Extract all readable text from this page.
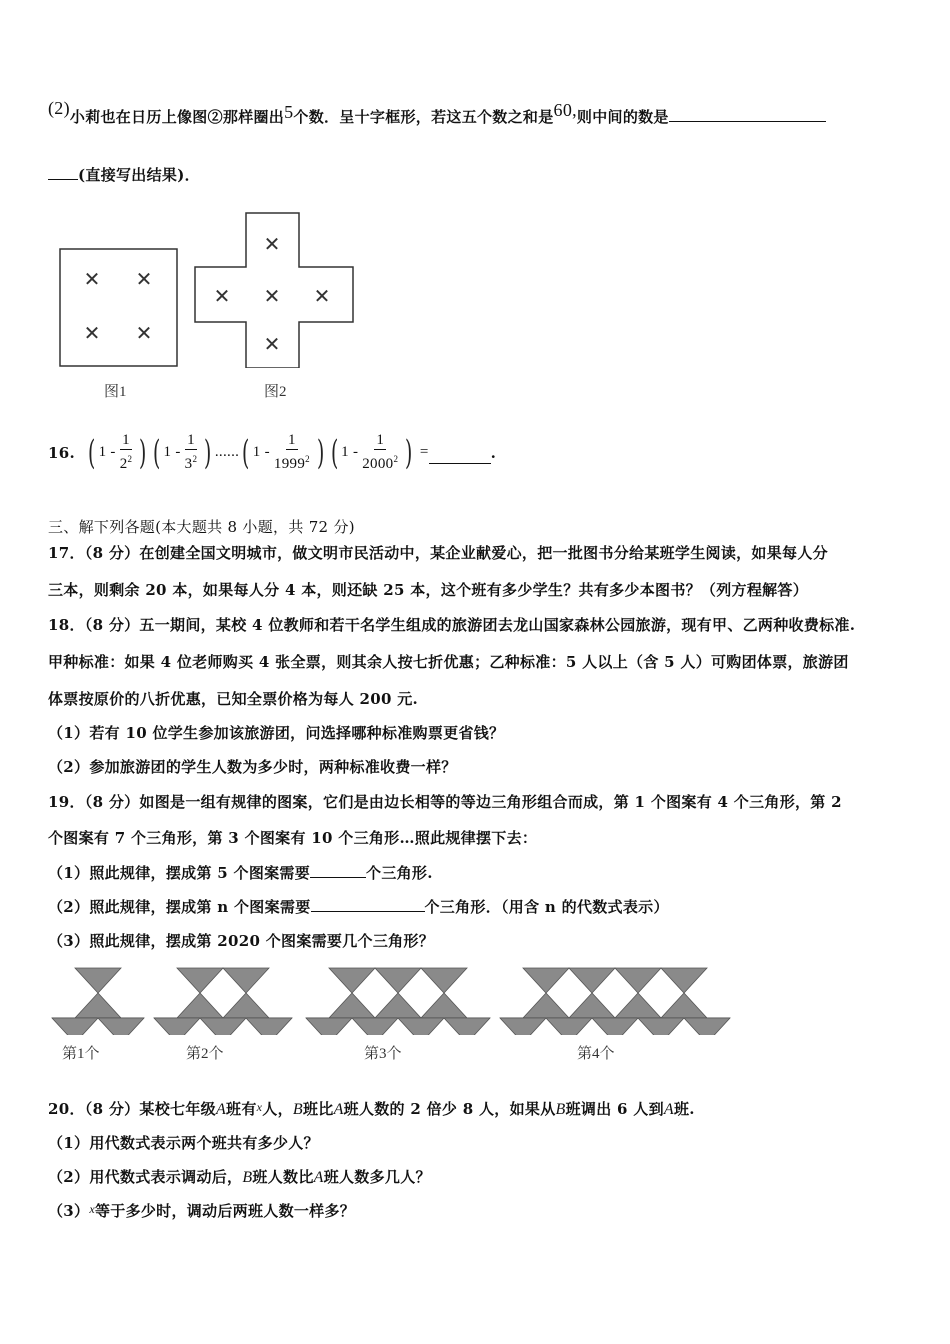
(2)小莉也在日历上像图②那样圈出5个数．呈十字框形，若这五个数之和是60,则中间的数是
(直接写出结果)．
✕ ✕
✕ ✕
✕
✕ ✕ ✕
✕
图1	图2
16. ( $1 - \frac{1}{2^2}$ ) ( $1 - \frac{1}{3^2}$ ) ...... ( $1 - \frac{1}{1999^2}$ ) ( $1 - \frac{1}{2000^2}$ ) =	.
三、解下列各题(本大题共 8 小题，共 72 分)
17．（8 分）在创建全国文明城市，做文明市民活动中，某企业献爱心，把一批图书分给某班学生阅读，如果每人分
三本，则剩余 20 本，如果每人分 4 本，则还缺 25 本，这个班有多少学生？共有多少本图书？（列方程解答）
18．（8 分）五一期间，某校 4 位教师和若干名学生组成的旅游团去龙山国家森林公园旅游，现有甲、乙两种收费标准.
甲种标准：如果 4 位老师购买 4 张全票，则其余人按七折优惠；乙种标准：5 人以上（含 5 人）可购团体票，旅游团
体票按原价的八折优惠，已知全票价格为每人 200 元.
（1）若有 10 位学生参加该旅游团，问选择哪种标准购票更省钱？
（2）参加旅游团的学生人数为多少时，两种标准收费一样？
19．（8 分）如图是一组有规律的图案，它们是由边长相等的等边三角形组合而成，第 1 个图案有 4 个三角形，第 2
个图案有 7 个三角形，第 3 个图案有 10 个三角形…照此规律摆下去：
（1）照此规律，摆成第 5 个图案需要	个三角形.
（2）照此规律，摆成第 n 个图案需要	个三角形．（用含 n 的代数式表示）
（3）照此规律，摆成第 2020 个图案需要几个三角形？
第1个	第2个	第3个	第4个
20．（8 分）某校七年级A班有$^x$人，B班比A班人数的 2 倍少 8 人，如果从B班调出 6 人到A班.
（1）用代数式表示两个班共有多少人？
（2）用代数式表示调动后，B班人数比A班人数多几人？
$(3)^x$等于多少时，调动后两班人数一样多？
